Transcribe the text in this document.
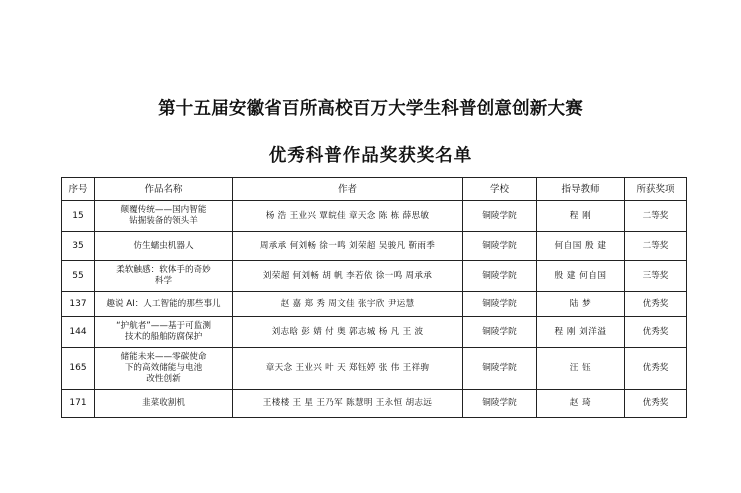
第十五届安徽省百所高校百万大学生科普创意创新大赛
优秀科普作品奖获奖名单
序号	作品名称	作者	学校	指导教师	所获奖项
15	颠覆传统——国内智能
钻掘装备的领头羊	杨 浩 王业兴 覃皖佳 章天念 陈 栋 薛思敏	铜陵学院	程 刚	二等奖
35	仿生蠕虫机器人	周承承 何刘畅 徐一鸣 刘荣超 吴骏凡 靳雨季	铜陵学院	何自国 殷 建	二等奖
55	柔软触感：软体手的奇妙
科学	刘荣超 何刘畅 胡 帆 李若依 徐一鸣 周承承	铜陵学院	殷 建 何自国	三等奖
137	趣说 AI：人工智能的那些事儿	赵 嘉 郑 秀 周文佳 张宇欣 尹运慧	铜陵学院	陆 梦	优秀奖
144	“护航者”——基于可监测
技术的船舶防腐保护	刘志晗 彭 婧 付 奥 郭志城 杨 凡 王 波	铜陵学院	程 刚 刘洋溢	优秀奖
165	储能未来——零碳使命
下的高效储能与电池
改性创新	章天念 王业兴 叶 天 郑钰婷 张 伟 王祥驹	铜陵学院	汪 钰	优秀奖
171	韭菜收割机	王楼楼 王 星 王乃军 陈慧明 王永恒 胡志远	铜陵学院	赵 琦	优秀奖
